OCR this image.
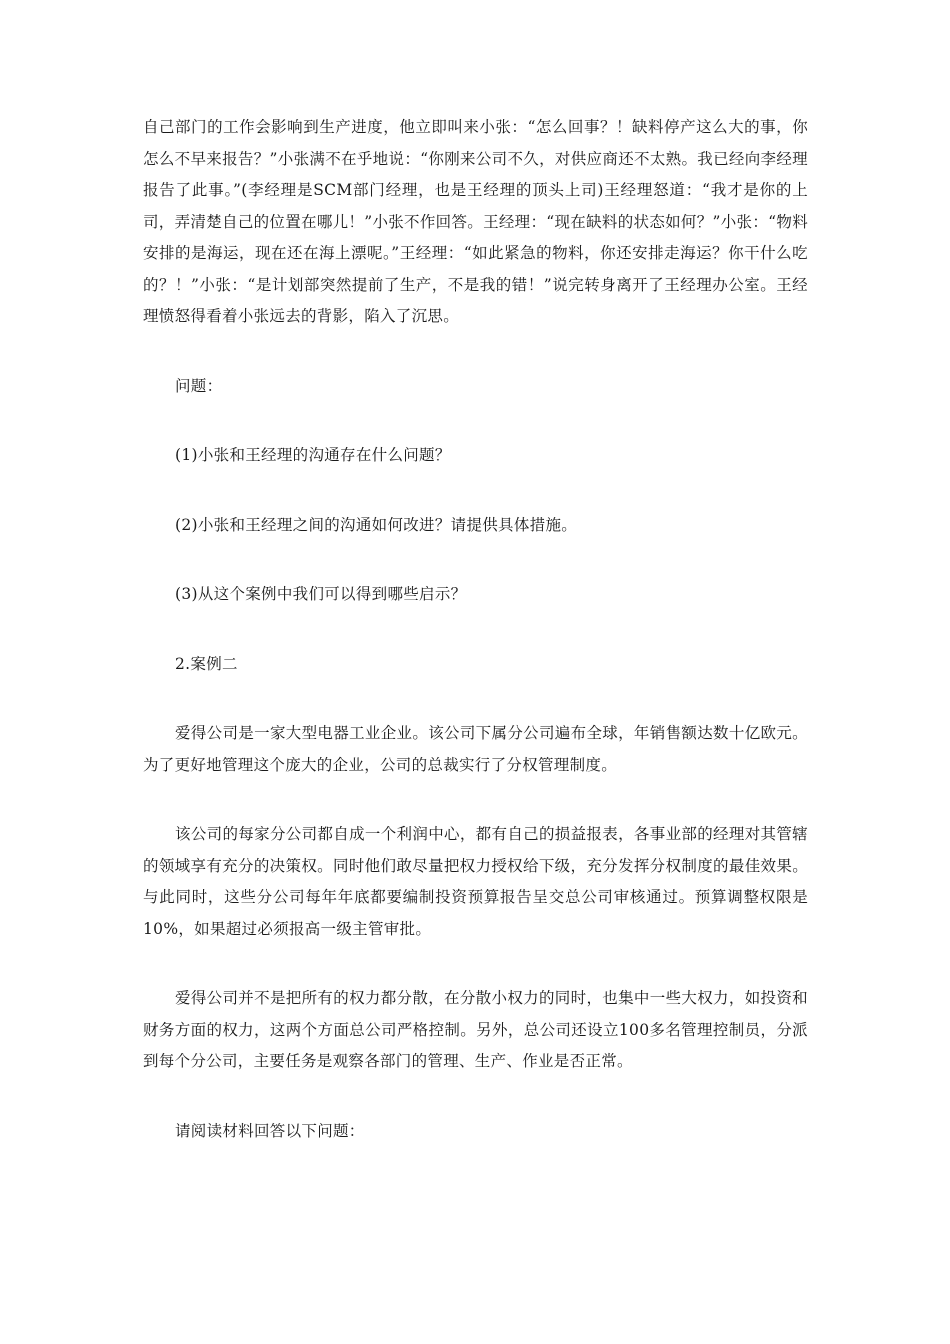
自己部门的工作会影响到生产进度，他立即叫来小张：“怎么回事？！缺料停产这么大的事，你怎么不早来报告？”小张满不在乎地说：“你刚来公司不久，对供应商还不太熟。我已经向李经理报告了此事。”(李经理是SCM部门经理，也是王经理的顶头上司)王经理怒道：“我才是你的上司，弄清楚自己的位置在哪儿！”小张不作回答。王经理：“现在缺料的状态如何？”小张：“物料安排的是海运，现在还在海上漂呢。”王经理：“如此紧急的物料，你还安排走海运？你干什么吃的？！”小张：“是计划部突然提前了生产，不是我的错！”说完转身离开了王经理办公室。王经理愤怒得看着小张远去的背影，陷入了沉思。

问题：

(1)小张和王经理的沟通存在什么问题？

(2)小张和王经理之间的沟通如何改进？请提供具体措施。

(3)从这个案例中我们可以得到哪些启示？

2.案例二

爱得公司是一家大型电器工业企业。该公司下属分公司遍布全球，年销售额达数十亿欧元。为了更好地管理这个庞大的企业，公司的总裁实行了分权管理制度。

该公司的每家分公司都自成一个利润中心，都有自己的损益报表，各事业部的经理对其管辖的领域享有充分的决策权。同时他们敢尽量把权力授权给下级，充分发挥分权制度的最佳效果。与此同时，这些分公司每年年底都要编制投资预算报告呈交总公司审核通过。预算调整权限是10%，如果超过必须报高一级主管审批。

爱得公司并不是把所有的权力都分散，在分散小权力的同时，也集中一些大权力，如投资和财务方面的权力，这两个方面总公司严格控制。另外，总公司还设立100多名管理控制员，分派到每个分公司，主要任务是观察各部门的管理、生产、作业是否正常。

请阅读材料回答以下问题：
